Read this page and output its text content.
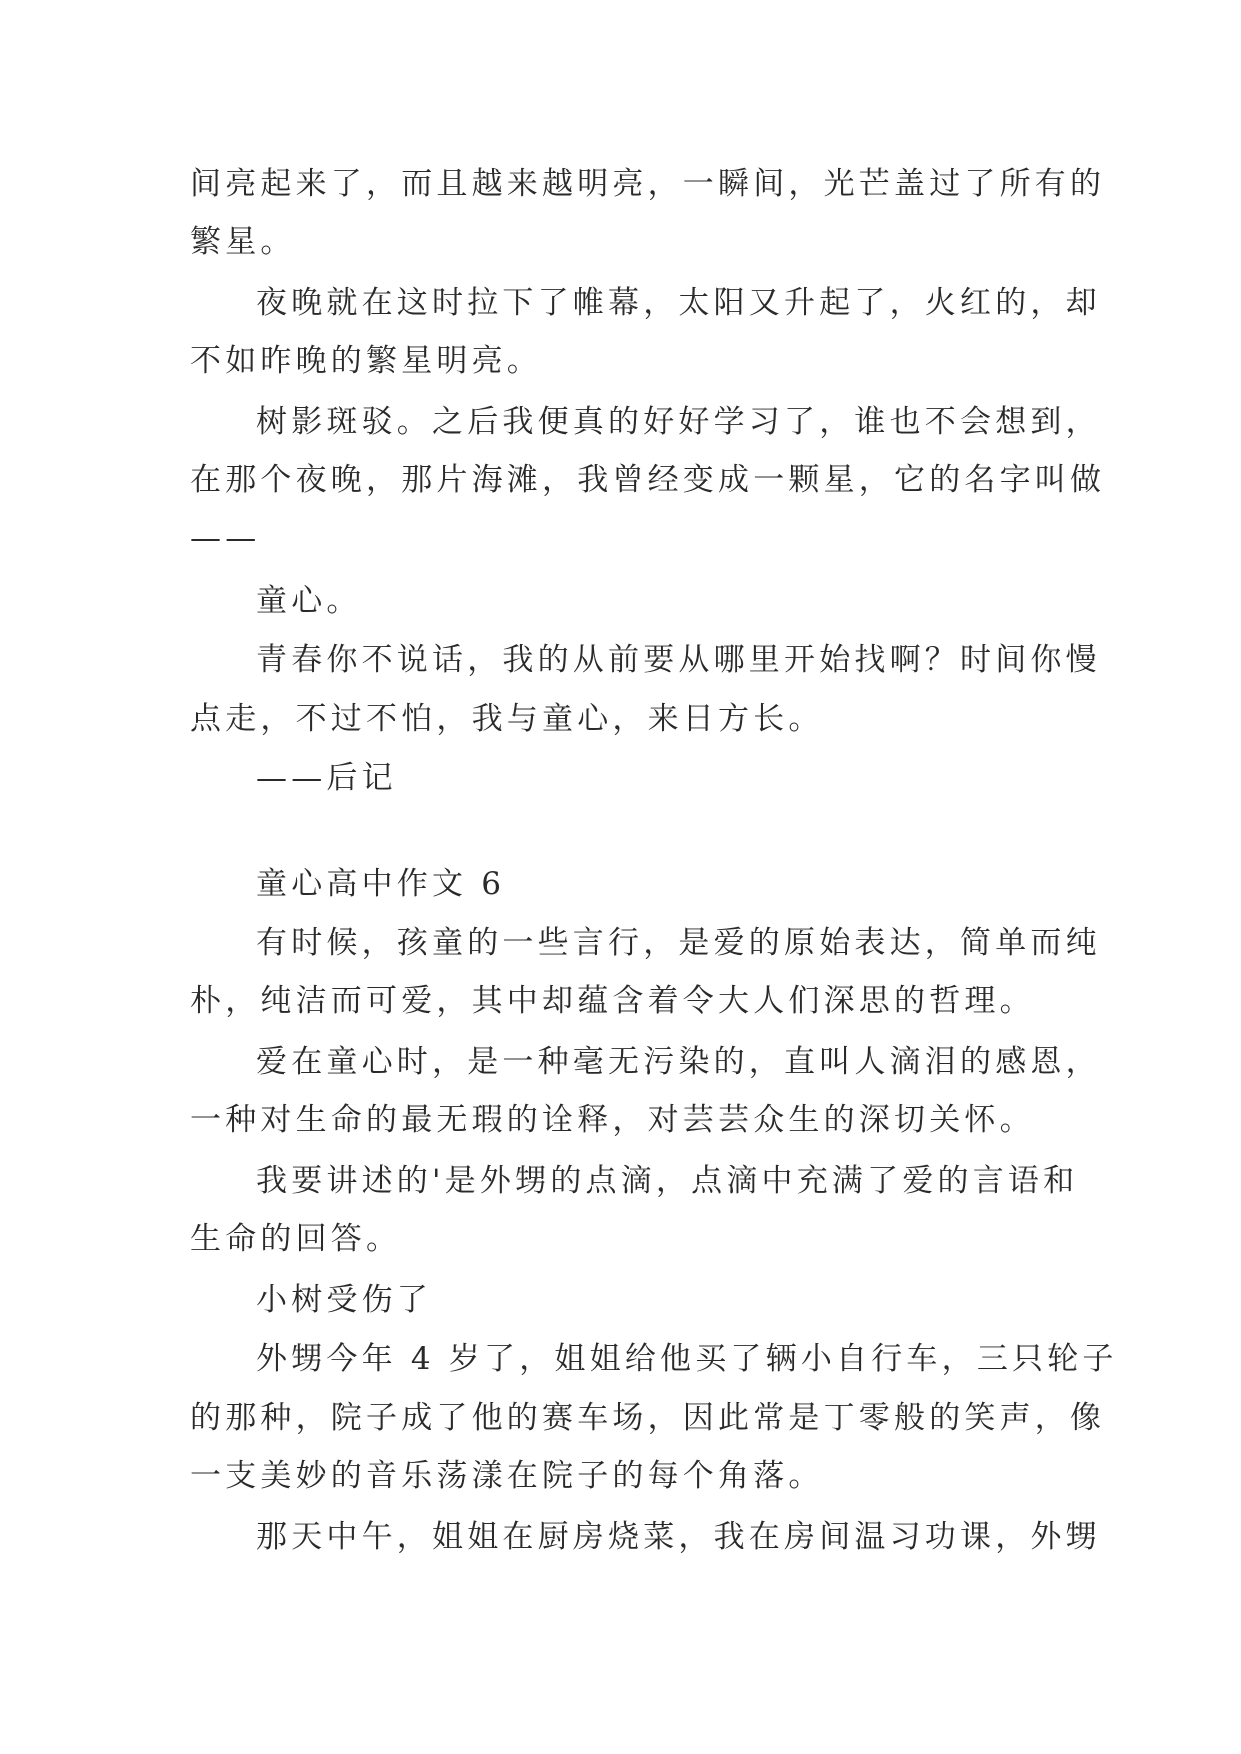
间亮起来了，而且越来越明亮，一瞬间，光芒盖过了所有的

繁星。

夜晚就在这时拉下了帷幕，太阳又升起了，火红的，却

不如昨晚的繁星明亮。

树影斑驳。之后我便真的好好学习了，谁也不会想到，

在那个夜晚，那片海滩，我曾经变成一颗星，它的名字叫做

——

童心。

青春你不说话，我的从前要从哪里开始找啊？时间你慢

点走，不过不怕，我与童心，来日方长。

——后记

童心高中作文 6

有时候，孩童的一些言行，是爱的原始表达，简单而纯

朴，纯洁而可爱，其中却蕴含着令大人们深思的哲理。

爱在童心时，是一种毫无污染的，直叫人滴泪的感恩，

一种对生命的最无瑕的诠释，对芸芸众生的深切关怀。

我要讲述的'是外甥的点滴，点滴中充满了爱的言语和

生命的回答。

小树受伤了

外甥今年 4 岁了，姐姐给他买了辆小自行车，三只轮子

的那种，院子成了他的赛车场，因此常是丁零般的笑声，像

一支美妙的音乐荡漾在院子的每个角落。

那天中午，姐姐在厨房烧菜，我在房间温习功课，外甥
